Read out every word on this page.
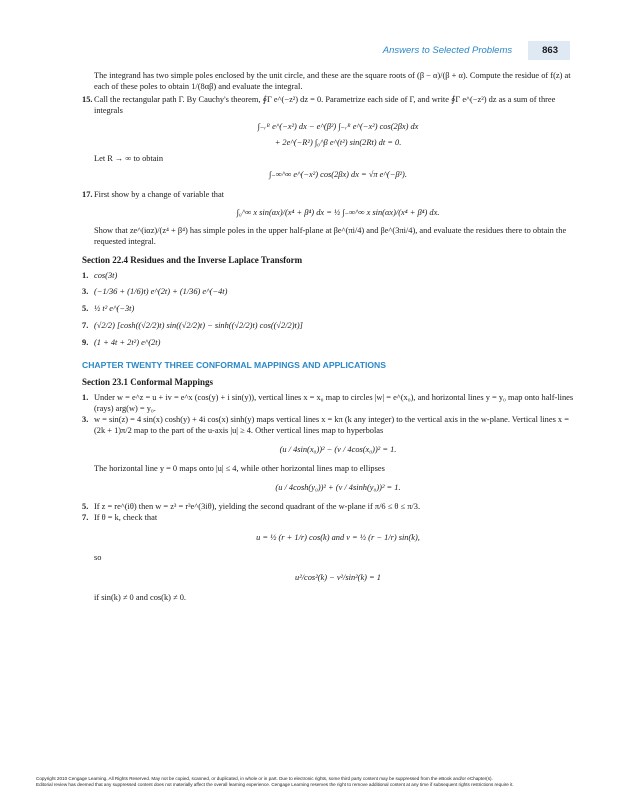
Answers to Selected Problems	863

The integrand has two simple poles enclosed by the unit circle, and these are the square roots of (β − α)/(β + α). Compute the residue of f(z) at each of these poles to obtain 1/(8αβ) and evaluate the integral.

15. Call the rectangular path Γ. By Cauchy's theorem, ∮Γ e^(−z²) dz = 0. Parametrize each side of Γ, and write ∮Γ e^(−z²) dz as a sum of three integrals

∫₋ᵣᴿ e^(−x²) dx − e^(β²) ∫₋ᵣᴿ e^(−x²) cos(2βx) dx
+ 2e^(−R²) ∫₀^β e^(t²) sin(2Rt) dt = 0.

Let R → ∞ to obtain

∫₋∞^∞ e^(−x²) cos(2βx) dx = √π e^(−β²).
17. First show by a change of variable that

∫₀^∞ x sin(αx)/(x⁴ + β⁴) dx = ½ ∫₋∞^∞ x sin(αx)/(x⁴ + β⁴) dx.

Show that ze^(iαz)/(z⁴ + β⁴) has simple poles in the upper half-plane at βe^(πi/4) and βe^(3πi/4), and evaluate the residues there to obtain the requested integral.

Section 22.4 Residues and the Inverse Laplace Transform
1. cos(3t)
3. (−1/36 + (1/6)t) e^(2t) + (1/36) e^(−4t)
5. ½ t² e^(−3t)
7. (√2/2) [cosh((√2/2)t) sin((√2/2)t) − sinh((√2/2)t) cos((√2/2)t)]
9. (1 + 4t + 2t²) e^(2t)
CHAPTER TWENTY THREE CONFORMAL MAPPINGS AND APPLICATIONS
Section 23.1 Conformal Mappings
1. Under w = e^z = u + iv = e^x (cos(y) + i sin(y)), vertical lines x = x₀ map to circles |w| = e^(x₀), and horizontal lines y = y₀ map onto half-lines (rays) arg(w) = y₀.

3. w = sin(z) = 4 sin(x) cosh(y) + 4i cos(x) sinh(y) maps vertical lines x = kπ (k any integer) to the vertical axis in the w-plane. Vertical lines x = (2k + 1)π/2 map to the part of the u-axis |u| ≥ 4. Other vertical lines map to hyperbolas

(u / 4sin(x₀))² − (v / 4cos(x₀))² = 1.

The horizontal line y = 0 maps onto |u| ≤ 4, while other horizontal lines map to ellipses

(u / 4cosh(y₀))² + (v / 4sinh(y₀))² = 1.
5. If z = re^(iθ) then w = z³ = r³e^(3iθ), yielding the second quadrant of the w-plane if π/6 ≤ θ ≤ π/3.

7. If θ = k, check that

u = ½ (r + 1/r) cos(k) and v = ½ (r − 1/r) sin(k),

so

u²/cos²(k) − v²/sin²(k) = 1

if sin(k) ≠ 0 and cos(k) ≠ 0.

Copyright 2010 Cengage Learning. All Rights Reserved. May not be copied, scanned, or duplicated, in whole or in part. Due to electronic rights, some third party content may be suppressed from the eBook and/or eChapter(s).
Editorial review has deemed that any suppressed content does not materially affect the overall learning experience. Cengage Learning reserves the right to remove additional content at any time if subsequent rights restrictions require it.
